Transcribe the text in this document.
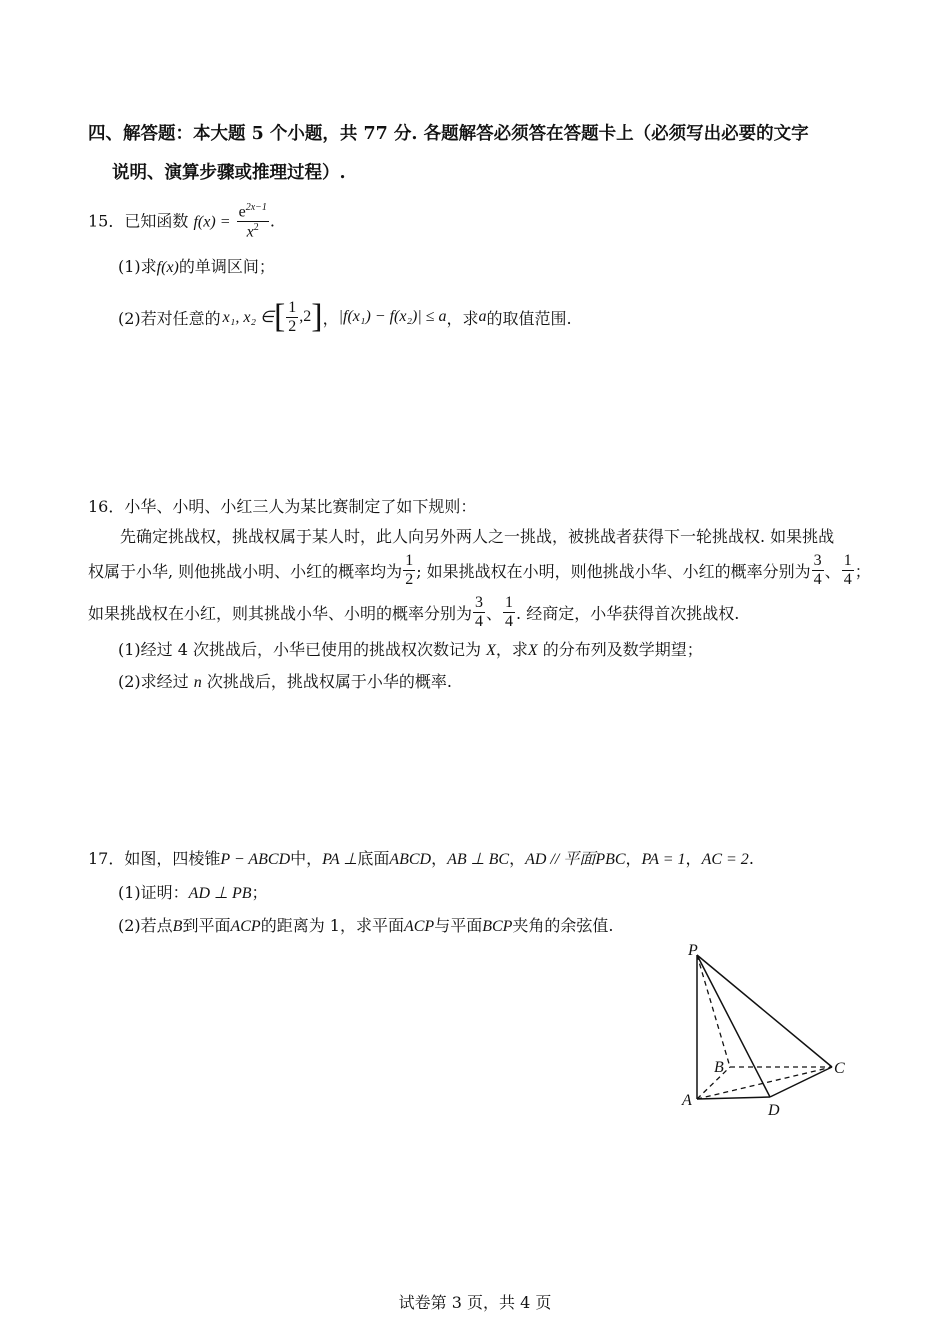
四、解答题：本大题 5 个小题，共 77 分. 各题解答必须答在答题卡上（必须写出必要的文字
说明、演算步骤或推理过程）.
15．已知函数 $f(x) = \frac{e^{2x-1}}{x^2}$ .
(1)求f(x)的单调区间；
(2)若对任意的 x₁, x₂ ∈ [ $\frac{1}{2} ,2$ ] ， |f(x₁) − f(x₂)| ≤ a ，求 a 的取值范围.
16．小华、小明、小红三人为某比赛制定了如下规则：
先确定挑战权，挑战权属于某人时，此人向另外两人之一挑战，被挑战者获得下一轮挑战权. 如果挑战
权属于小华, 则他挑战小明、小红的概率均为 $\frac{1}{2}$ ; 如果挑战权在小明，则他挑战小华、小红的概率分别为 $\frac{3}{4}$ 、 $\frac{1}{4}$ ；
如果挑战权在小红，则其挑战小华、小明的概率分别为 $\frac{3}{4}$ 、 $\frac{1}{4}$ . 经商定，小华获得首次挑战权.
(1)经过 4 次挑战后，小华已使用的挑战权次数记为 X，求X 的分布列及数学期望；
(2)求经过 n 次挑战后，挑战权属于小华的概率.
17．如图，四棱锥P − ABCD中，PA ⊥底面ABCD，AB ⊥ BC，AD // 平面PBC，PA = 1，AC = 2.
(1)证明：AD ⊥ PB；
(2)若点B到平面ACP的距离为 1，求平面ACP与平面BCP夹角的余弦值.
P
A
B	C
D
试卷第 3 页，共 4 页
